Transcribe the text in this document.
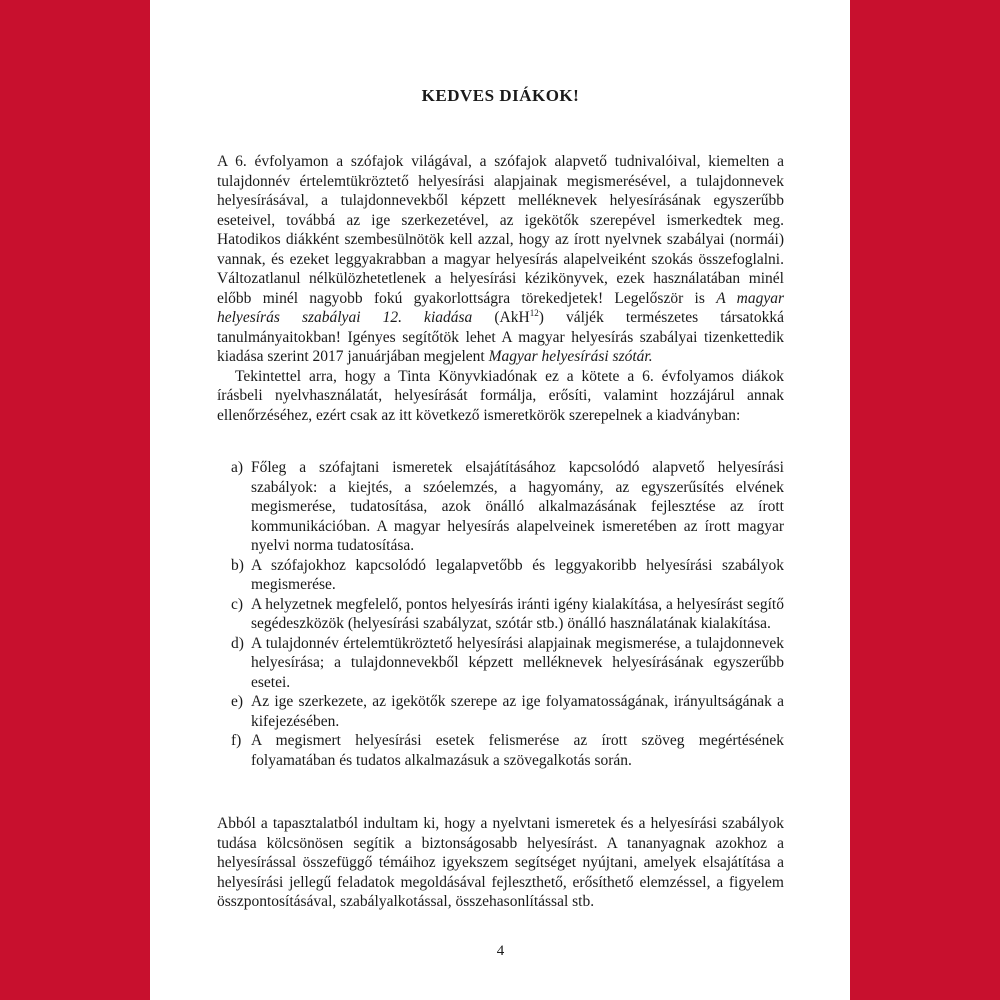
KEDVES DIÁKOK!

A 6. évfolyamon a szófajok világával, a szófajok alapvető tudnivalóival, kiemelten a tulajdonnév értelemtükröztető helyesírási alapjainak megismerésével, a tulajdonnevek helyesírásával, a tulajdonnevekből képzett melléknevek helyesírásának egyszerűbb eseteivel, továbbá az ige szerkezetével, az igekötők szerepével ismerkedtek meg. Hatodikos diákként szembesülnötök kell azzal, hogy az írott nyelvnek szabályai (normái) vannak, és ezeket leggyakrabban a magyar helyesírás alapelveiként szokás összefoglalni. Változatlanul nélkülözhetetlenek a helyesírási kézikönyvek, ezek használatában minél előbb minél nagyobb fokú gyakorlottságra törekedjetek! Legelőször is A magyar helyesírás szabályai 12. kiadása (AkH$^{12}$) váljék természetes társatokká tanulmányaitokban! Igényes segítőtök lehet A magyar helyesírás szabályai tizenkettedik kiadása szerint 2017 januárjában megjelent Magyar helyesírási szótár.

Tekintettel arra, hogy a Tinta Könyvkiadónak ez a kötete a 6. évfolyamos diákok írásbeli nyelvhasználatát, helyesírását formálja, erősíti, valamint hozzájárul annak ellenőrzéséhez, ezért csak az itt következő ismeretkörök szerepelnek a kiadványban:

a) Főleg a szófajtani ismeretek elsajátításához kapcsolódó alapvető helyesírási szabályok: a kiejtés, a szóelemzés, a hagyomány, az egyszerűsítés elvének megismerése, tudatosítása, azok önálló alkalmazásának fejlesztése az írott kommunikációban. A magyar helyesírás alapelveinek ismeretében az írott magyar nyelvi norma tudatosítása.
b) A szófajokhoz kapcsolódó legalapvetőbb és leggyakoribb helyesírási szabályok megismerése.
c) A helyzetnek megfelelő, pontos helyesírás iránti igény kialakítása, a helyesírást segítő segédeszközök (helyesírási szabályzat, szótár stb.) önálló használatának kialakítása.
d) A tulajdonnév értelemtükröztető helyesírási alapjainak megismerése, a tulajdonnevek helyesírása; a tulajdonnevekből képzett melléknevek helyesírásának egyszerűbb esetei.
e) Az ige szerkezete, az igekötők szerepe az ige folyamatosságának, irányultságának a kifejezésében.
f) A megismert helyesírási esetek felismerése az írott szöveg megértésének folyamatában és tudatos alkalmazásuk a szövegalkotás során.

Abból a tapasztalatból indultam ki, hogy a nyelvtani ismeretek és a helyesírási szabályok tudása kölcsönösen segítik a biztonságosabb helyesírást. A tananyagnak azokhoz a helyesírással összefüggő témáihoz igyekszem segítséget nyújtani, amelyek elsajátítása a helyesírási jellegű feladatok megoldásával fejleszthető, erősíthető elemzéssel, a figyelem összpontosításával, szabályalkotással, összehasonlítással stb.

4
